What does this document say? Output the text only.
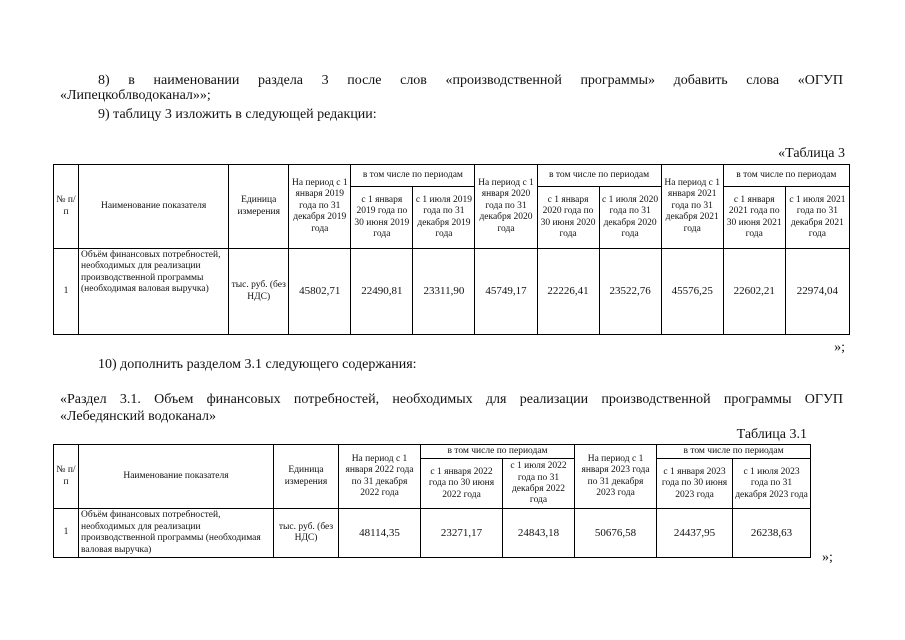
8) в наименовании раздела 3 после слов «производственной программы» добавить слова «ОГУП

«Липецкоблводоканал»»;

9) таблицу 3 изложить в следующей редакции:

«Таблица 3
№ п/п	Наименование показателя	Единица измерения	На период с 1 января 2019 года по 31 декабря 2019 года	в том числе по периодам		На период с 1 января 2020 года по 31 декабря 2020 года	в том числе по периодам		На период с 1 января 2021 года по 31 декабря 2021 года	в том числе по периодам	
				с 1 января 2019 года по 30 июня 2019 года	с 1 июля 2019 года по 31 декабря 2019 года		с 1 января 2020 года по 30 июня 2020 года	с 1 июля 2020 года по 31 декабря 2020 года		с 1 января 2021 года по 30 июня 2021 года	с 1 июля 2021 года по 31 декабря 2021 года
1	Объём финансовых потребностей, необходимых для реализации производственной программы (необходимая валовая выручка)	тыс. руб. (без НДС)	45802,71	22490,81	23311,90	45749,17	22226,41	23522,76	45576,25	22602,21	22974,04
»;

10) дополнить разделом 3.1 следующего содержания:

«Раздел 3.1. Объем финансовых потребностей, необходимых для реализации производственной программы ОГУП

«Лебедянский водоканал»

Таблица 3.1
№ п/п	Наименование показателя	Единица измерения	На период с 1 января 2022 года по 31 декабря 2022 года	в том числе по периодам		На период с 1 января 2023 года по 31 декабря 2023 года	в том числе по периодам	
				с 1 января 2022 года по 30 июня 2022 года	с 1 июля 2022 года по 31 декабря 2022 года		с 1 января 2023 года по 30 июня 2023 года	с 1 июля 2023 года по 31 декабря 2023 года
1	Объём финансовых потребностей, необходимых для реализации производственной программы (необходимая валовая выручка)	тыс. руб. (без НДС)	48114,35	23271,17	24843,18	50676,58	24437,95	26238,63
»;
